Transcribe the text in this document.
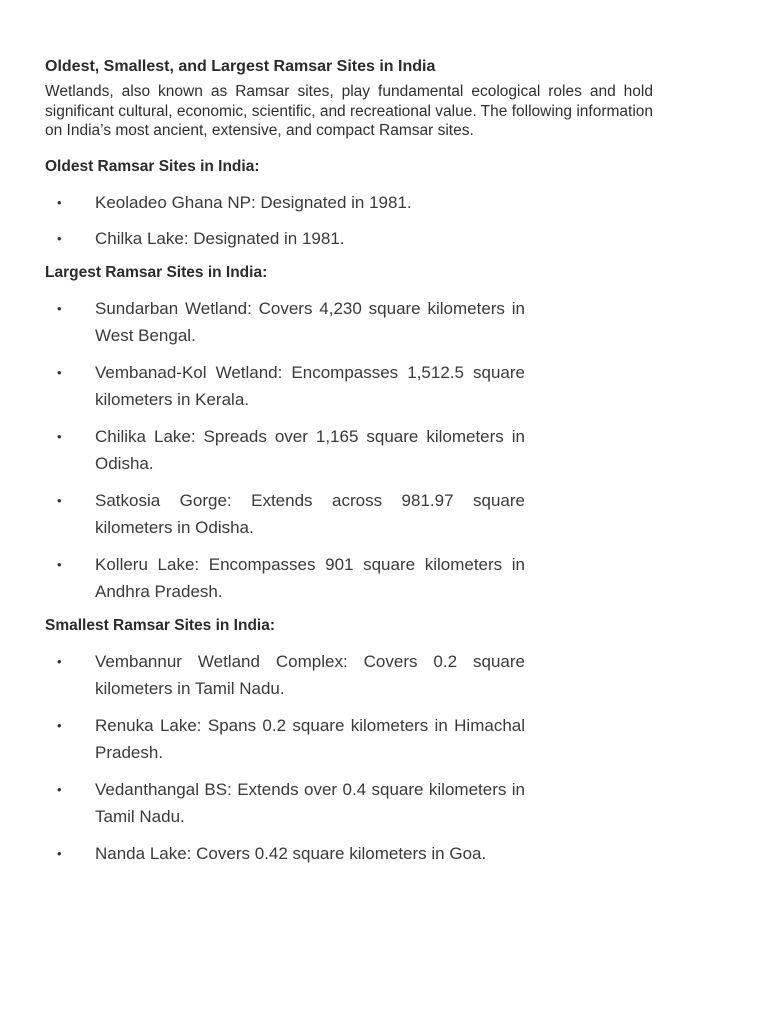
Oldest, Smallest, and Largest Ramsar Sites in India

Wetlands, also known as Ramsar sites, play fundamental ecological roles and hold significant cultural, economic, scientific, and recreational value. The following information on India’s most ancient, extensive, and compact Ramsar sites.

Oldest Ramsar Sites in India:
• Keoladeo Ghana NP: Designated in 1981.
• Chilka Lake: Designated in 1981.
Largest Ramsar Sites in India:
• Sundarban Wetland: Covers 4,230 square kilometers in West Bengal.
• Vembanad-Kol Wetland: Encompasses 1,512.5 square kilometers in Kerala.
• Chilika Lake: Spreads over 1,165 square kilometers in Odisha.
• Satkosia Gorge: Extends across 981.97 square kilometers in Odisha.
• Kolleru Lake: Encompasses 901 square kilometers in Andhra Pradesh.
Smallest Ramsar Sites in India:
• Vembannur Wetland Complex: Covers 0.2 square kilometers in Tamil Nadu.
• Renuka Lake: Spans 0.2 square kilometers in Himachal Pradesh.
• Vedanthangal BS: Extends over 0.4 square kilometers in Tamil Nadu.
• Nanda Lake: Covers 0.42 square kilometers in Goa.
